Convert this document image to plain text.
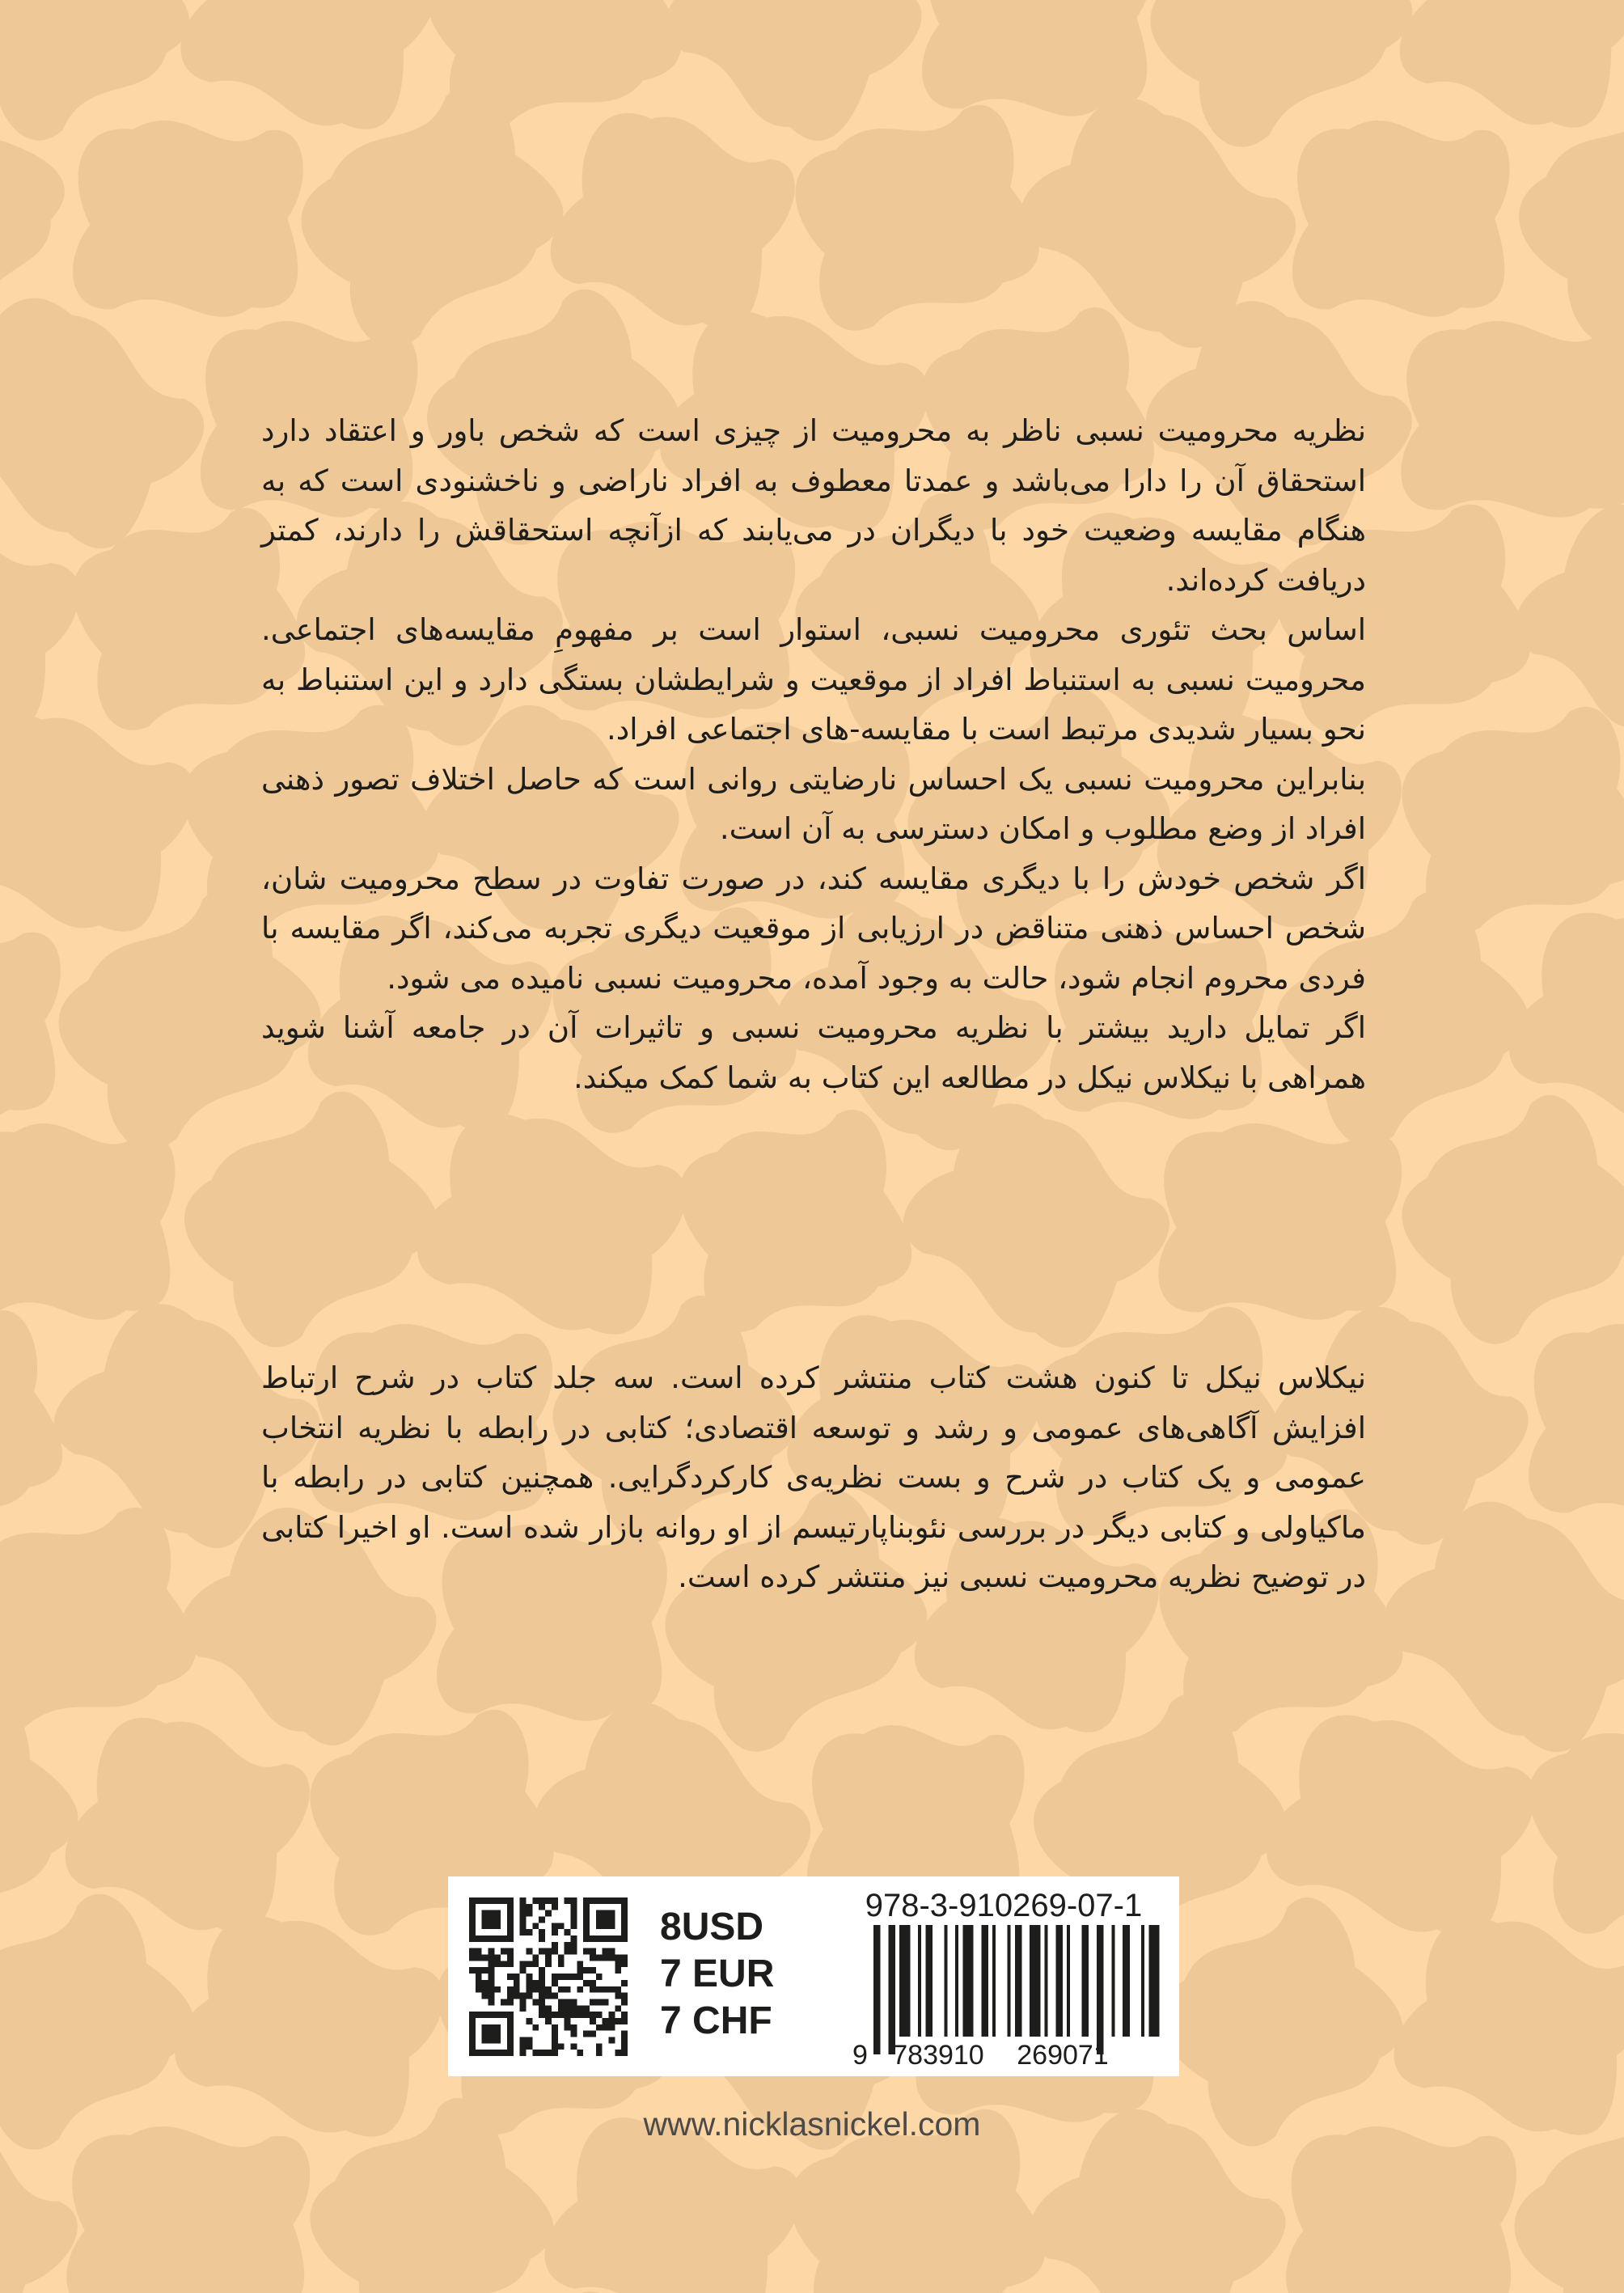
نظریه محرومیت نسبی ناظر به محرومیت از چیزی است که شخص باور و اعتقاد دارد استحقاق آن را دارا می‌باشد و عمدتا معطوف به افراد ناراضی و ناخشنودی است که به هنگام مقایسه وضعیت خود با دیگران در می‌یابند که ازآنچه استحقاقش را دارند، کمتر دریافت کرده‌اند.

اساس بحث تئوری محرومیت نسبی، استوار است بر مفهومِ مقایسه‌های اجتماعی. محرومیت نسبی به استنباط افراد از موقعیت و شرایطشان بستگی دارد و این استنباط به نحو بسیار شدیدی مرتبط است با مقایسه-های اجتماعی افراد.

بنابراین محرومیت نسبی یک احساس نارضایتی روانی است که حاصل اختلاف تصور ذهنی افراد از وضع مطلوب و امکان دسترسی به آن است.

اگر شخص خودش را با دیگری مقایسه کند، در صورت تفاوت در سطح محرومیت شان، شخص احساس ذهنی متناقض در ارزیابی از موقعیت دیگری تجربه می‌کند، اگر مقایسه با فردی محروم انجام شود، حالت به وجود آمده، محرومیت نسبی نامیده می شود.

اگر تمایل دارید بیشتر با نظریه محرومیت نسبی و تاثیرات آن در جامعه آشنا شوید همراهی با نیکلاس نیکل در مطالعه این کتاب به شما کمک میکند.

نیکلاس نیکل تا کنون هشت کتاب منتشر کرده است. سه جلد کتاب در شرح ارتباط افزایش آگاهی‌های عمومی و رشد و توسعه اقتصادی؛ کتابی در رابطه با نظریه انتخاب عمومی و یک کتاب در شرح و بست نظریه‌ی کارکردگرایی. همچنین کتابی در رابطه با ماکیاولی و کتابی دیگر در بررسی نئوبناپارتیسم از او روانه بازار شده است. او اخیرا کتابی در توضیح نظریه محرومیت نسبی نیز منتشر کرده است.

8USD
7 EUR
7 CHF
978-3-910269-07-1
9 783910 269071
www.nicklasnickel.com
